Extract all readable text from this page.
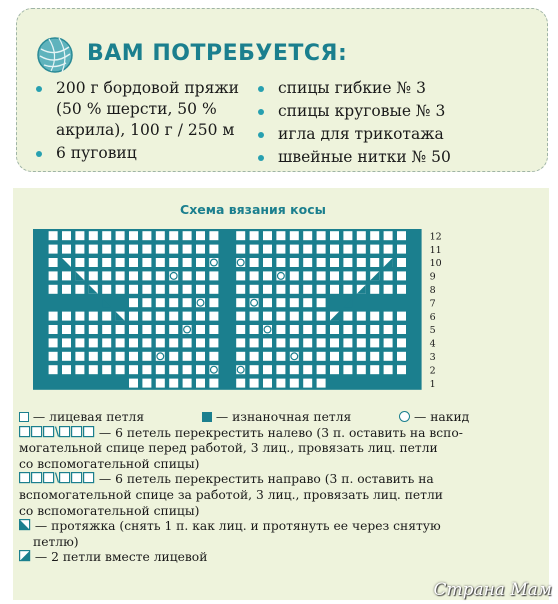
ВАМ ПОТРЕБУЕТСЯ:
200 г бордовой пряжи (50 % шерсти, 50 % акрила), 100 г / 250 м
6 пуговиц
спицы гибкие № 3
спицы круговые № 3
игла для трикотажа
швейные нитки № 50
Схема вязания косы
12
11
10
9
8
7
6
5
4
3
2
1
— лицевая петля	— изнаночная петля	— накид
— 6 петель перекрестить налево (3 п. оставить на вспо-
могательной спице перед работой, 3 лиц., провязать лиц. петли
со вспомогательной спицы)
— 6 петель перекрестить направо (3 п. оставить на
вспомогательной спице за работой, 3 лиц., провязать лиц. петли
со вспомогательной спицы)
— протяжка (снять 1 п. как лиц. и протянуть ее через снятую
петлю)
— 2 петли вместе лицевой
Страна Мам
